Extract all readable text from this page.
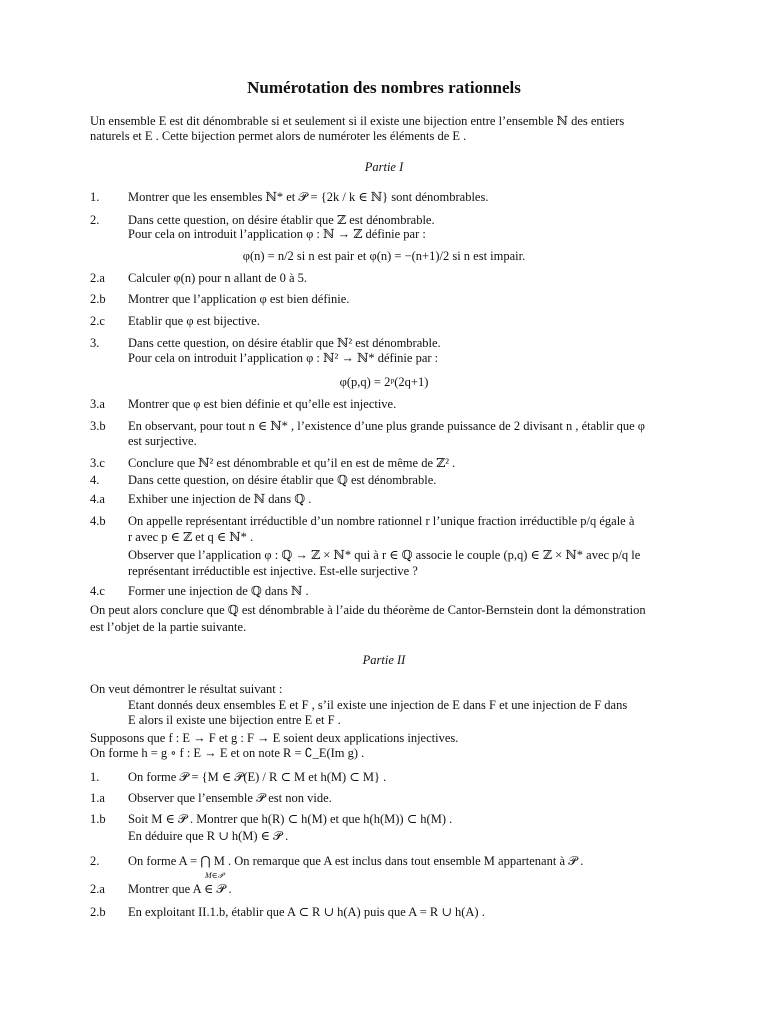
Numérotation des nombres rationnels
Un ensemble E est dit dénombrable si et seulement si il existe une bijection entre l’ensemble ℕ des entiers
naturels et E . Cette bijection permet alors de numéroter les éléments de E .
Partie I
1. Montrer que les ensembles ℕ* et 𝒫 = {2k / k ∈ ℕ} sont dénombrables.
2. Dans cette question, on désire établir que ℤ est dénombrable.
Pour cela on introduit l’application φ : ℕ → ℤ définie par :
φ(n) = n/2 si n est pair et φ(n) = −(n+1)/2 si n est impair.
2.a Calculer φ(n) pour n allant de 0 à 5.
2.b Montrer que l’application φ est bien définie.
2.c Etablir que φ est bijective.
3. Dans cette question, on désire établir que ℕ² est dénombrable.
Pour cela on introduit l’application φ : ℕ² → ℕ* définie par :
φ(p,q) = 2ᵖ(2q+1)
3.a Montrer que φ est bien définie et qu’elle est injective.
3.b En observant, pour tout n ∈ ℕ* , l’existence d’une plus grande puissance de 2 divisant n , établir que φ
est surjective.
3.c Conclure que ℕ² est dénombrable et qu’il en est de même de ℤ² .
4. Dans cette question, on désire établir que ℚ est dénombrable.
4.a Exhiber une injection de ℕ dans ℚ .
4.b On appelle représentant irréductible d’un nombre rationnel r l’unique fraction irréductible p/q égale à
r avec p ∈ ℤ et q ∈ ℕ* .
Observer que l’application φ : ℚ → ℤ × ℕ* qui à r ∈ ℚ associe le couple (p,q) ∈ ℤ × ℕ* avec p/q le
représentant irréductible est injective. Est-elle surjective ?
4.c Former une injection de ℚ dans ℕ .
On peut alors conclure que ℚ est dénombrable à l’aide du théorème de Cantor-Bernstein dont la démonstration
est l’objet de la partie suivante.
Partie II
On veut démontrer le résultat suivant :
Etant donnés deux ensembles E et F , s’il existe une injection de E dans F et une injection de F dans
E alors il existe une bijection entre E et F .
Supposons que f : E → F et g : F → E soient deux applications injectives.
On forme h = g ∘ f : E → E et on note R = ∁_E(Im g) .
1. On forme 𝒫 = {M ∈ 𝒫(E) / R ⊂ M et h(M) ⊂ M} .
1.a Observer que l’ensemble 𝒫 est non vide.
1.b Soit M ∈ 𝒫 . Montrer que h(R) ⊂ h(M) et que h(h(M)) ⊂ h(M) .
En déduire que R ∪ h(M) ∈ 𝒫 .
2. On forme A = ⋂ M . On remarque que A est inclus dans tout ensemble M appartenant à 𝒫 .
M∈𝒫
2.a Montrer que A ∈ 𝒫 .
2.b En exploitant II.1.b, établir que A ⊂ R ∪ h(A) puis que A = R ∪ h(A) .
